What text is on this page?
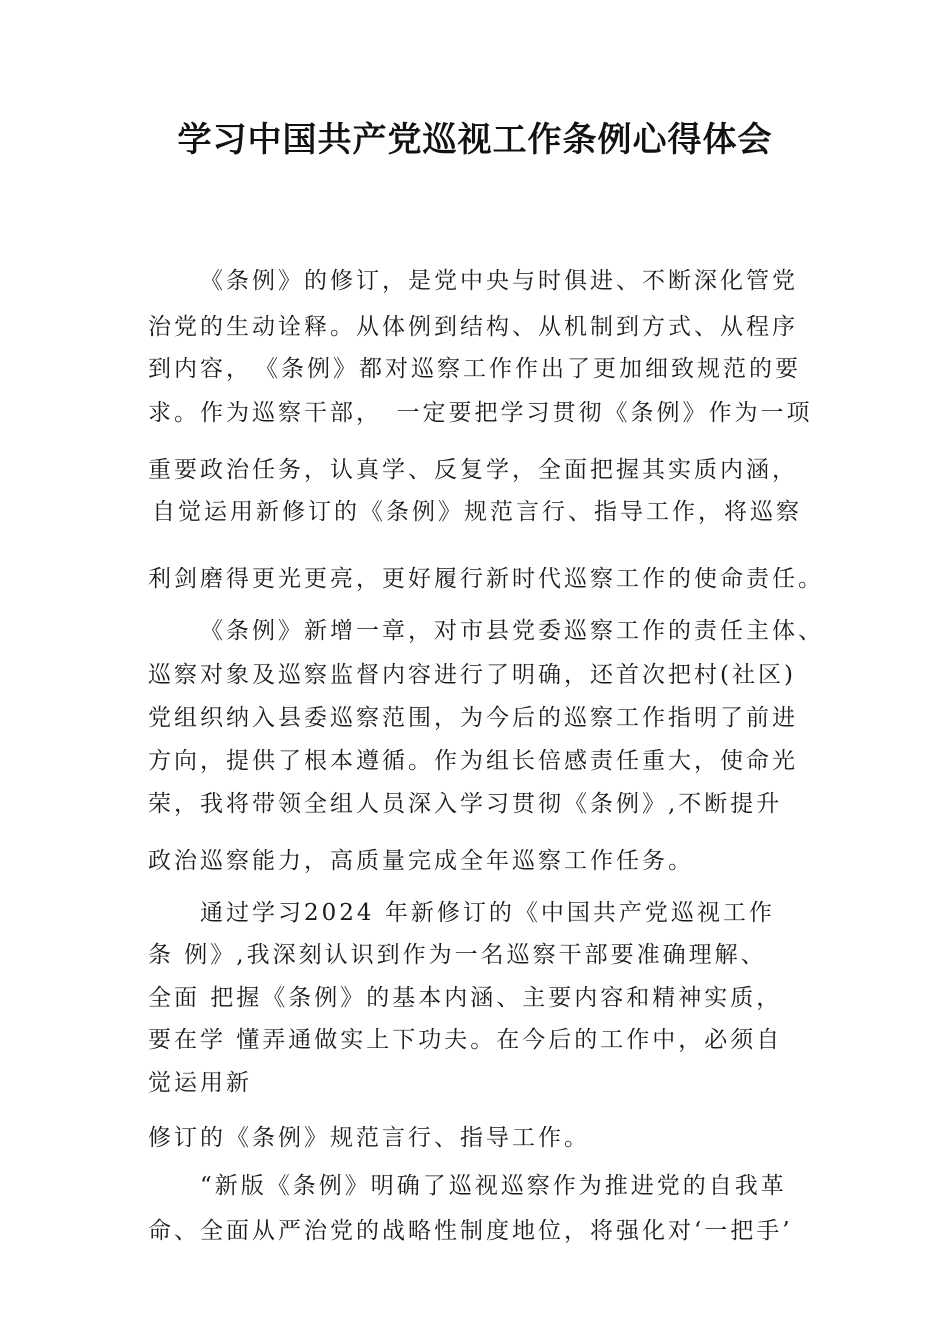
学习中国共产党巡视工作条例心得体会
《条例》的修订，是党中央与时俱进、不断深化管党
治党的生动诠释。从体例到结构、从机制到方式、从程序
到内容，　《条例》都对巡察工作作出了更加细致规范的要
求。作为巡察干部，　一定要把学习贯彻《条例》作为一项
重要政治任务，认真学、反复学，全面把握其实质内涵，
自觉运用新修订的《条例》规范言行、指导工作，将巡察
利剑磨得更光更亮，更好履行新时代巡察工作的使命责任。
《条例》新增一章，对市县党委巡察工作的责任主体、
巡察对象及巡察监督内容进行了明确，还首次把村(社区)
党组织纳入县委巡察范围，为今后的巡察工作指明了前进
方向，提供了根本遵循。作为组长倍感责任重大，使命光
荣，我将带领全组人员深入学习贯彻《条例》,不断提升
政治巡察能力，高质量完成全年巡察工作任务。
通过学习2024 年新修订的《中国共产党巡视工作
条 例》,我深刻认识到作为一名巡察干部要准确理解、
全面 把握《条例》的基本内涵、主要内容和精神实质，
要在学 懂弄通做实上下功夫。在今后的工作中，必须自
觉运用新
修订的《条例》规范言行、指导工作。
“新版《条例》明确了巡视巡察作为推进党的自我革
命、全面从严治党的战略性制度地位，将强化对‘一把手’
